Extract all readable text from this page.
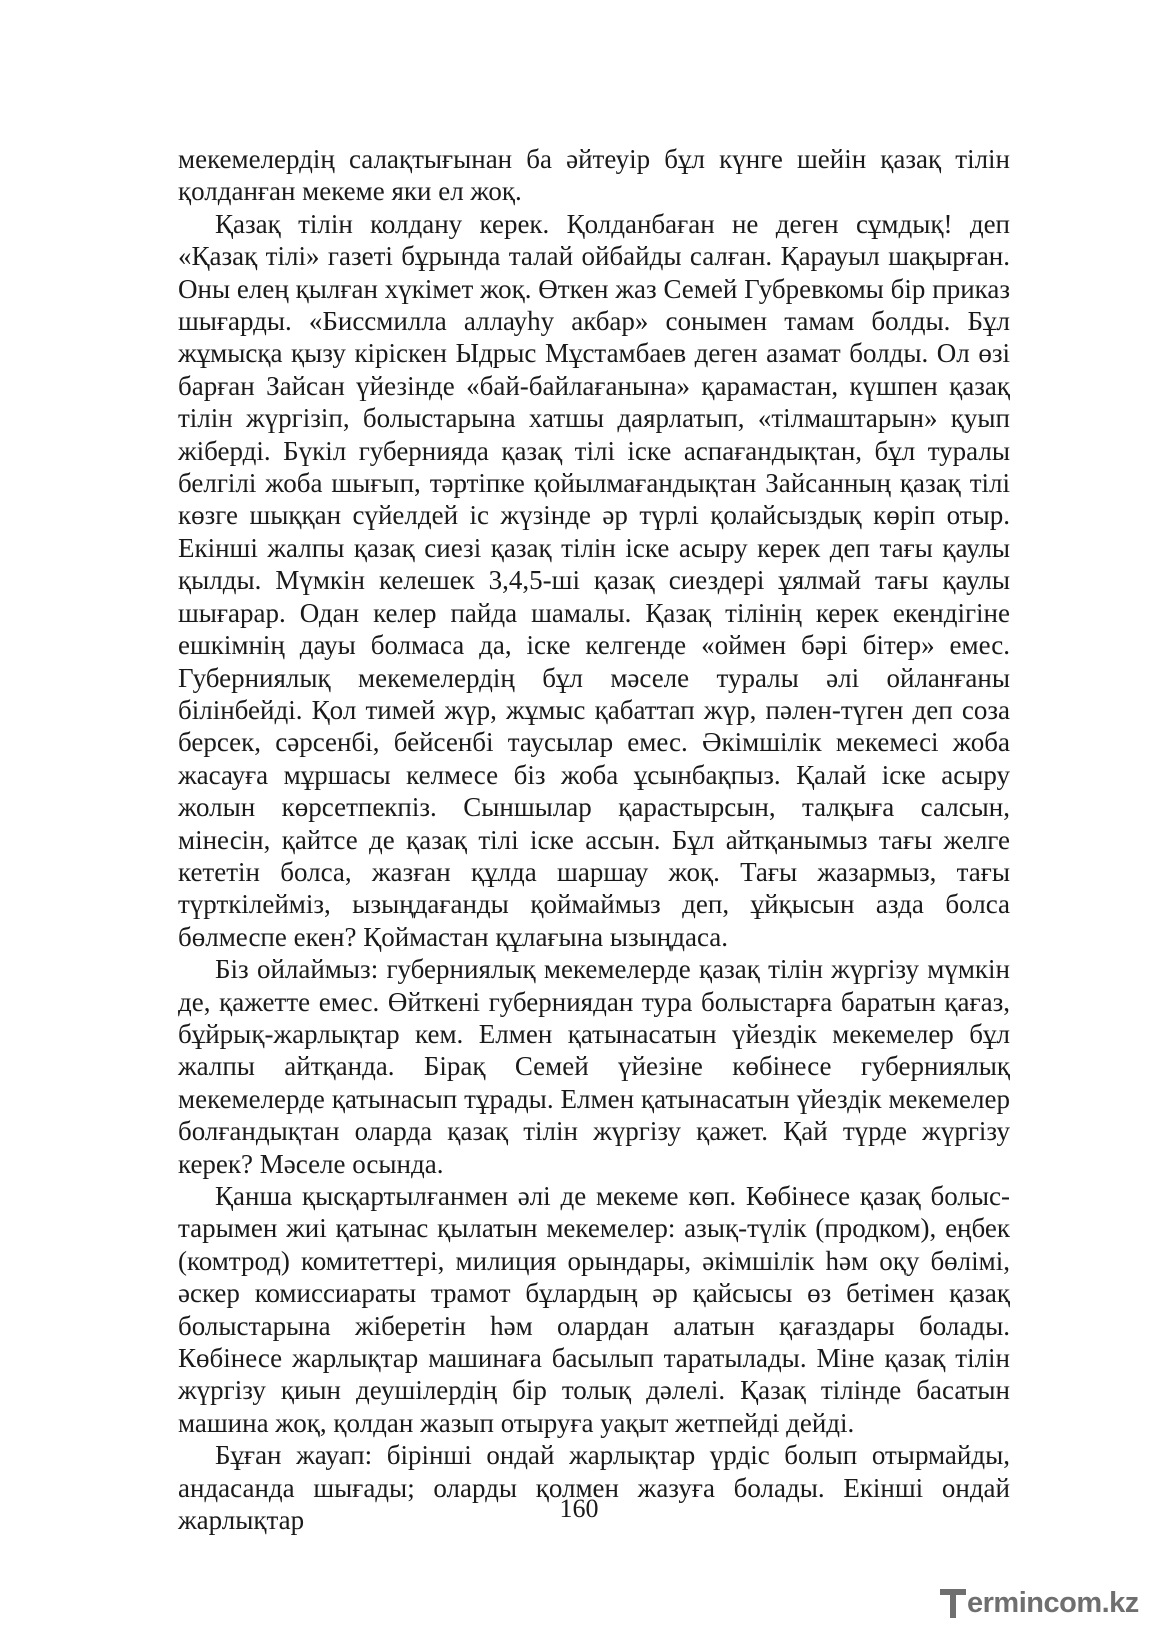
мекемелердің салақтығынан ба әйтеуір бұл күнге шейін қазақ тілін қолданған мекеме яки ел жоқ.

Қазақ тілін колдану керек. Қолданбаған не деген сұмдық! деп «Қазақ тілі» газеті бұрында талай ойбайды салған. Қарауыл шақырған. Оны елең қылған хүкімет жоқ. Өткен жаз Семей Губревкомы бір приказ шығарды. «Биссмилла аллауһу акбар» сонымен тамам болды. Бұл жұмысқа қызу кіріскен Ыдрыс Мұстамбаев деген азамат болды. Ол өзі барған Зайсан үйезінде «бай-байлағанына» қарамастан, күшпен қазақ тілін жүргізіп, болыстарына хатшы даярлатып, «тілмаштарын» қуып жіберді. Бүкіл губернияда қазақ тілі іске аспағандықтан, бұл туралы белгілі жоба шығып, тәртіпке қойылмағандықтан Зайсанның қазақ тілі көзге шыққан сүйелдей іс жүзінде әр түрлі қолайсыздық көріп отыр. Екінші жалпы қазақ сиезі қазақ тілін іске асыру керек деп тағы қаулы қылды. Мүмкін келешек 3,4,5-ші қазақ сиездері ұялмай тағы қаулы шығарар. Одан келер пайда шамалы. Қазақ тілінің керек екендігіне ешкімнің дауы болмаса да, іске келгенде «оймен бәрі бітер» емес. Губерниялық мекемелердің бұл мәселе туралы әлі ойланғаны білінбейді. Қол тимей жүр, жұмыс қабаттап жүр, пәлен-түген деп соза берсек, сәрсенбі, бейсенбі таусылар емес. Әкімшілік мекемесі жоба жасауға мұршасы келмесе біз жоба ұсынбақпыз. Қалай іске асыру жолын көрсетпекпіз. Сыншылар қарастырсын, талқыға салсын, мінесін, қайтсе де қазақ тілі іске ассын. Бұл айтқанымыз тағы желге кететін болса, жазған құлда шаршау жоқ. Тағы жазармыз, тағы түрткілейміз, ызыңдағанды қоймаймыз деп, ұйқысын азда болса бөлмеспе екен? Қоймастан құлағына ызыңдаса.

Біз ойлаймыз: губерниялық мекемелерде қазақ тілін жүргізу мүмкін де, қажетте емес. Өйткені губерниядан тура болыстарға баратын қағаз, бұйрық-жарлықтар кем. Елмен қатынасатын үйездік мекемелер бұл жалпы айтқанда. Бірақ Семей үйезіне көбінесе губерниялық мекемелерде қатынасып тұрады. Елмен қатынасатын үйездік мекемелер болғандықтан оларда қазақ тілін жүргізу қажет. Қай түрде жүргізу керек? Мәселе осында.

Қанша қысқартылғанмен әлі де мекеме көп. Көбінесе қазақ болыстарымен жиі қатынас қылатын мекемелер: азық-түлік (продком), еңбек (комтрод) комитеттері, милиция орындары, әкімшілік һәм оқу бөлімі, әскер комиссиараты трамот бұлардың әр қайсысы өз бетімен қазақ болыстарына жіберетін һәм олардан алатын қағаздары болады. Көбінесе жарлықтар машинаға басылып таратылады. Міне қазақ тілін жүргізу қиын деушілердің бір толық дәлелі. Қазақ тілінде басатын машина жоқ, қолдан жазып отыруға уақыт жетпейді дейді.

Бұған жауап: бірінші ондай жарлықтар үрдіс болып отырмайды, андасанда шығады; оларды қолмен жазуға болады. Екінші ондай жарлықтар	160
erminc o m.kz
